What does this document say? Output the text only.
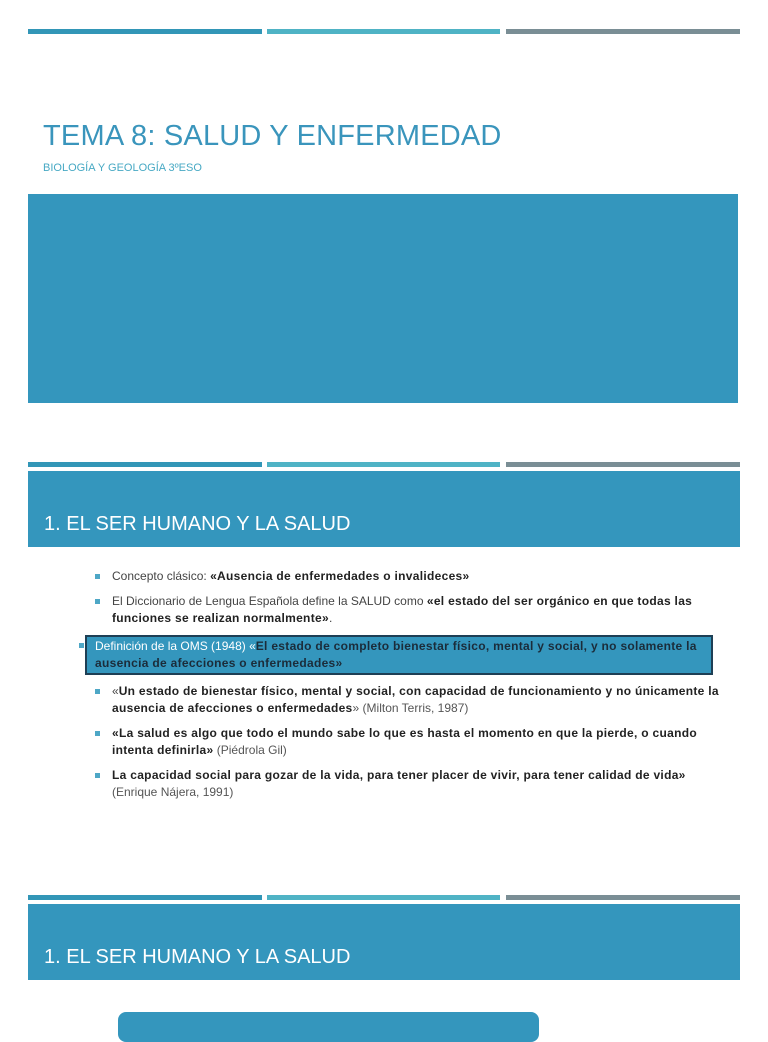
TEMA 8: SALUD Y ENFERMEDAD
BIOLOGÍA Y GEOLOGÍA 3ºESO
1. EL SER HUMANO Y LA SALUD
Concepto clásico: «Ausencia de enfermedades o invalideces»
El Diccionario de Lengua Española define la SALUD como «el estado del ser orgánico en que todas las funciones se realizan normalmente».
Definición de la OMS (1948) «El estado de completo bienestar físico, mental y social, y no solamente la ausencia de afecciones o enfermedades»
«Un estado de bienestar físico, mental y social, con capacidad de funcionamiento y no únicamente la ausencia de afecciones o enfermedades» (Milton Terris, 1987)
«La salud es algo que todo el mundo sabe lo que es hasta el momento en que la pierde, o cuando intenta definirla» (Piédrola Gil)
La capacidad social para gozar de la vida, para tener placer de vivir, para tener calidad de vida» (Enrique Nájera, 1991)
1. EL SER HUMANO Y LA SALUD
